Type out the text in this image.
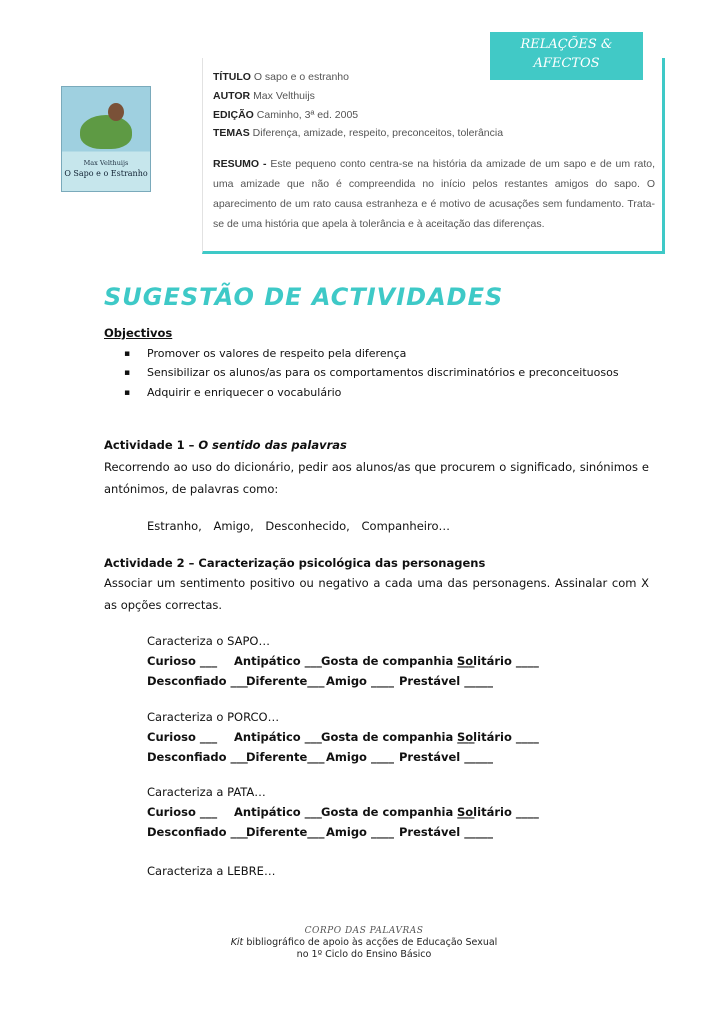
RELAÇÕES &
AFECTOS
Max Velthuijs
O Sapo e o Estranho
TÍTULO O sapo e o estranho
AUTOR Max Velthuijs
EDIÇÃO Caminho, 3ª ed. 2005
TEMAS Diferença, amizade, respeito, preconceitos, tolerância
RESUMO - Este pequeno conto centra-se na história da amizade de um sapo e de um rato, uma amizade que não é compreendida no início pelos restantes amigos do sapo. O aparecimento de um rato causa estranheza e é motivo de acusações sem fundamento. Trata-se de uma história que apela à tolerância e à aceitação das diferenças.
SUGESTÃO DE ACTIVIDADES
Objectivos
▪ Promover os valores de respeito pela diferença
▪ Sensibilizar os alunos/as para os comportamentos discriminatórios e preconceituosos
▪ Adquirir e enriquecer o vocabulário
Actividade 1 – O sentido das palavras
Recorrendo ao uso do dicionário, pedir aos alunos/as que procurem o significado, sinónimos e antónimos, de palavras como:
Estranho, Amigo, Desconhecido, Companheiro…
Actividade 2 – Caracterização psicológica das personagens
Associar um sentimento positivo ou negativo a cada uma das personagens. Assinalar com X as opções correctas.
Caracteriza o SAPO…
Curioso ___ Antipático ___Gosta de companhia ___Solitário ____
Desconfiado ___Diferente___ Amigo ____ Prestável _____
Caracteriza o PORCO…
Curioso ___ Antipático ___Gosta de companhia ___Solitário ____
Desconfiado ___Diferente___ Amigo ____ Prestável _____
Caracteriza a PATA…
Curioso ___ Antipático ___Gosta de companhia ___Solitário ____
Desconfiado ___Diferente___ Amigo ____ Prestável _____
Caracteriza a LEBRE…
CORPO DAS PALAVRAS
Kit bibliográfico de apoio às acções de Educação Sexual
no 1º Ciclo do Ensino Básico
